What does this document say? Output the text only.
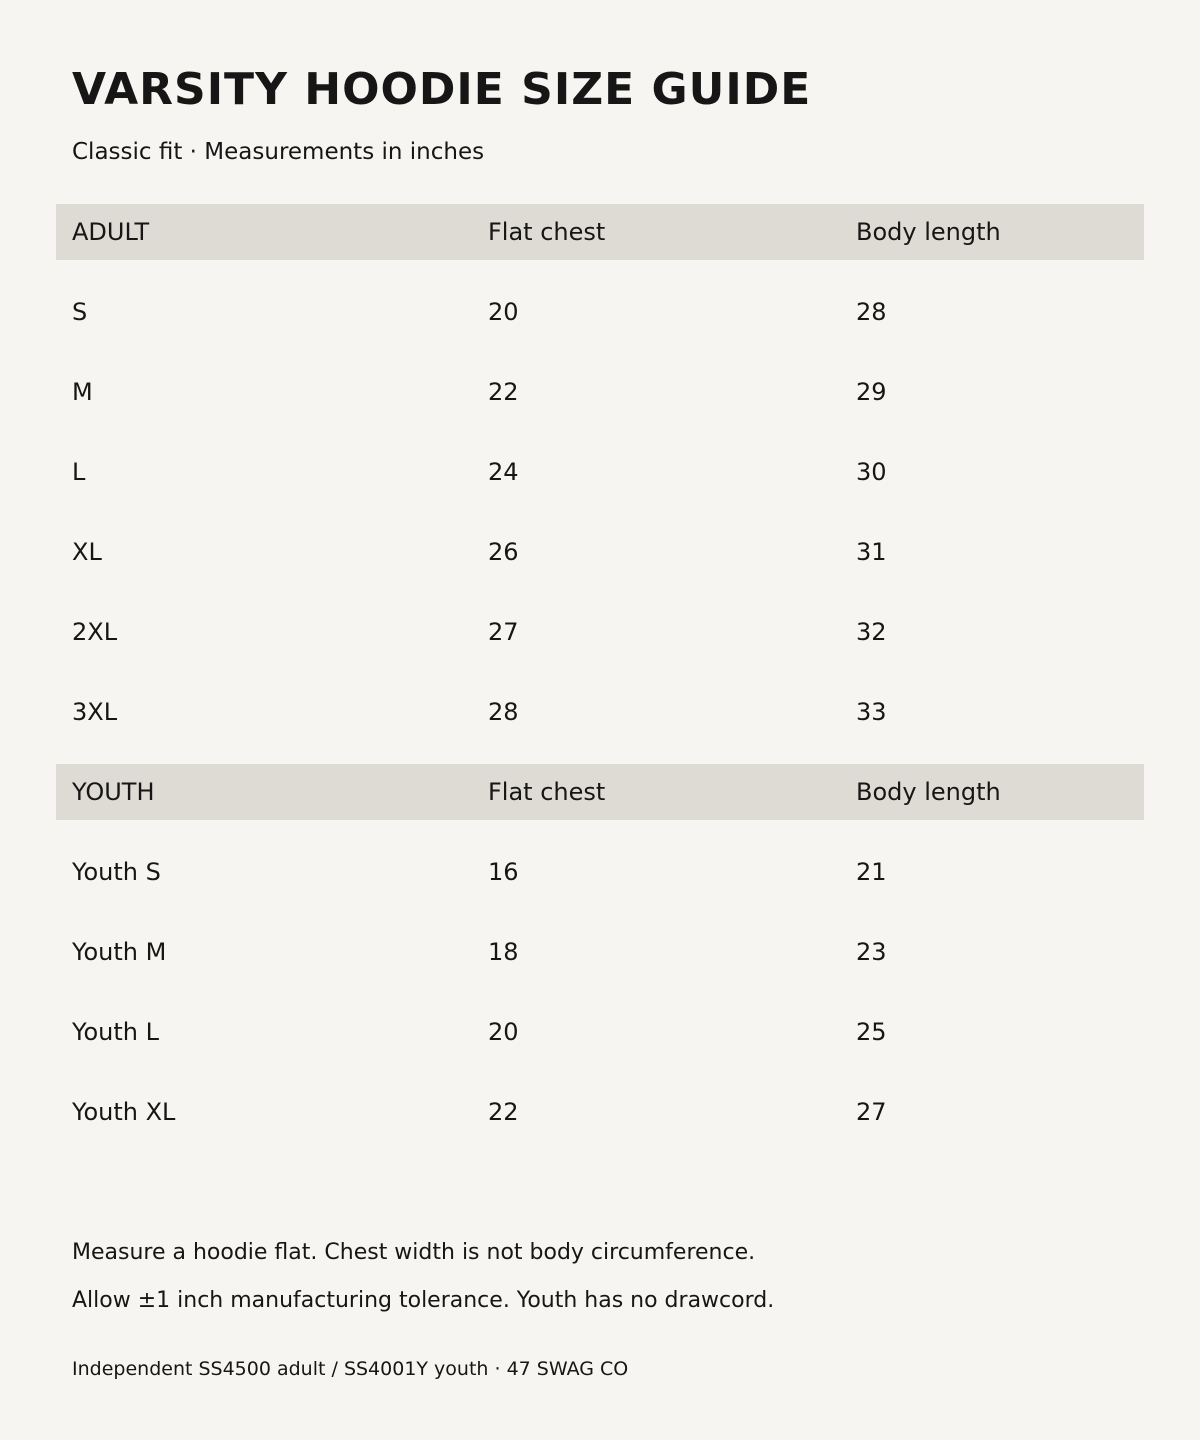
VARSITY HOODIE SIZE GUIDE
Classic fit · Measurements in inches
ADULT	Flat chest	Body length
S	20	28
M	22	29
L	24	30
XL	26	31
2XL	27	32
3XL	28	33
YOUTH	Flat chest	Body length
Youth S	16	21
Youth M	18	23
Youth L	20	25
Youth XL	22	27
Measure a hoodie flat. Chest width is not body circumference.
Allow ±1 inch manufacturing tolerance. Youth has no drawcord.
Independent SS4500 adult / SS4001Y youth · 47 SWAG CO
